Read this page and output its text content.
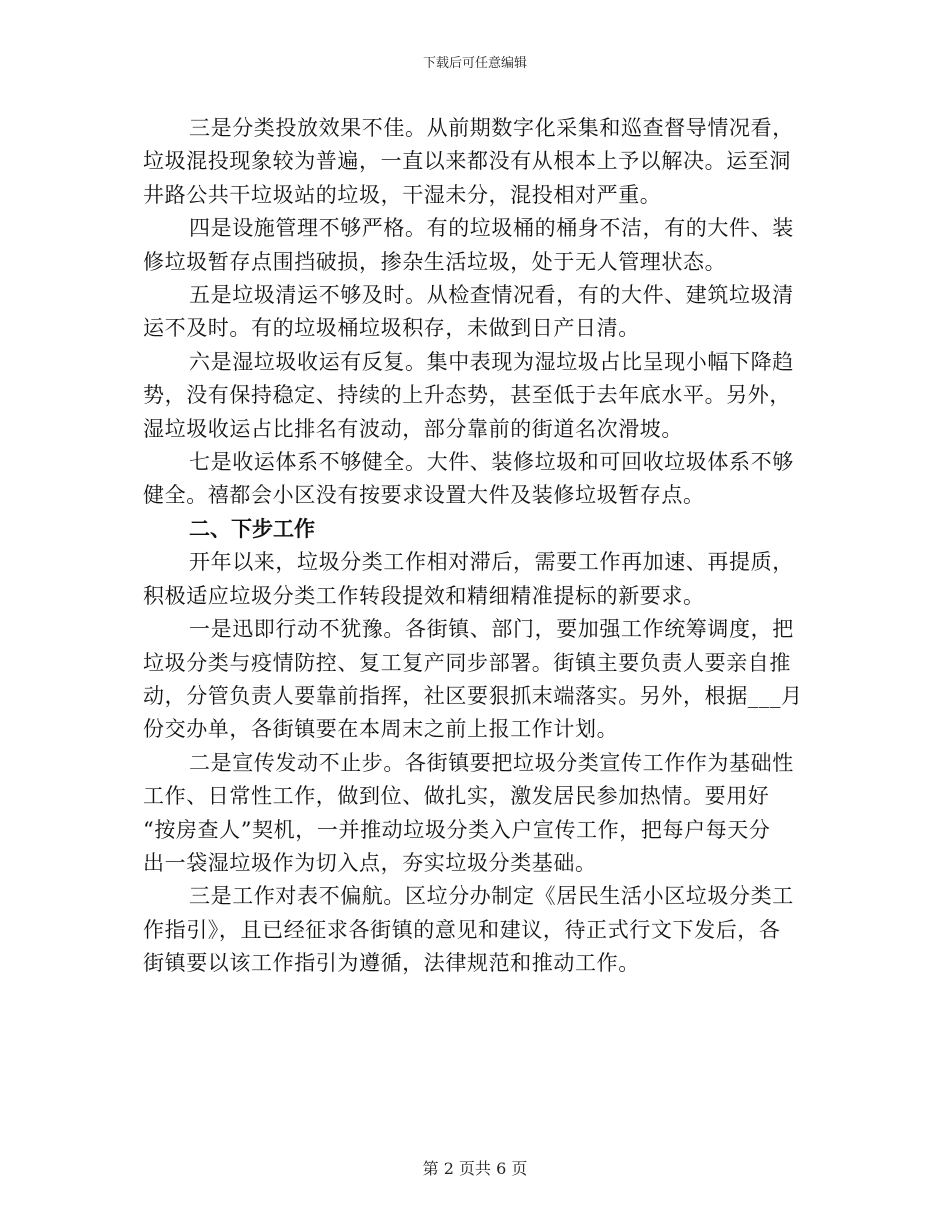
下载后可任意编辑

三是分类投放效果不佳。从前期数字化采集和巡查督导情况看，
垃圾混投现象较为普遍，一直以来都没有从根本上予以解决。运至洞
井路公共干垃圾站的垃圾，干湿未分，混投相对严重。

四是设施管理不够严格。有的垃圾桶的桶身不洁，有的大件、装
修垃圾暂存点围挡破损，掺杂生活垃圾，处于无人管理状态。

五是垃圾清运不够及时。从检查情况看，有的大件、建筑垃圾清
运不及时。有的垃圾桶垃圾积存，未做到日产日清。

六是湿垃圾收运有反复。集中表现为湿垃圾占比呈现小幅下降趋
势，没有保持稳定、持续的上升态势，甚至低于去年底水平。另外，
湿垃圾收运占比排名有波动，部分靠前的街道名次滑坡。

七是收运体系不够健全。大件、装修垃圾和可回收垃圾体系不够
健全。禧都会小区没有按要求设置大件及装修垃圾暂存点。

二、下步工作

开年以来，垃圾分类工作相对滞后，需要工作再加速、再提质，
积极适应垃圾分类工作转段提效和精细精准提标的新要求。

一是迅即行动不犹豫。各街镇、部门，要加强工作统筹调度，把
垃圾分类与疫情防控、复工复产同步部署。街镇主要负责人要亲自推
动，分管负责人要靠前指挥，社区要狠抓末端落实。另外，根据___月
份交办单，各街镇要在本周末之前上报工作计划。

二是宣传发动不止步。各街镇要把垃圾分类宣传工作作为基础性
工作、日常性工作，做到位、做扎实，激发居民参加热情。要用好
“按房查人”契机，一并推动垃圾分类入户宣传工作，把每户每天分
出一袋湿垃圾作为切入点，夯实垃圾分类基础。

三是工作对表不偏航。区垃分办制定《居民生活小区垃圾分类工
作指引》，且已经征求各街镇的意见和建议，待正式行文下发后，各
街镇要以该工作指引为遵循，法律规范和推动工作。

第 2 页共 6 页
